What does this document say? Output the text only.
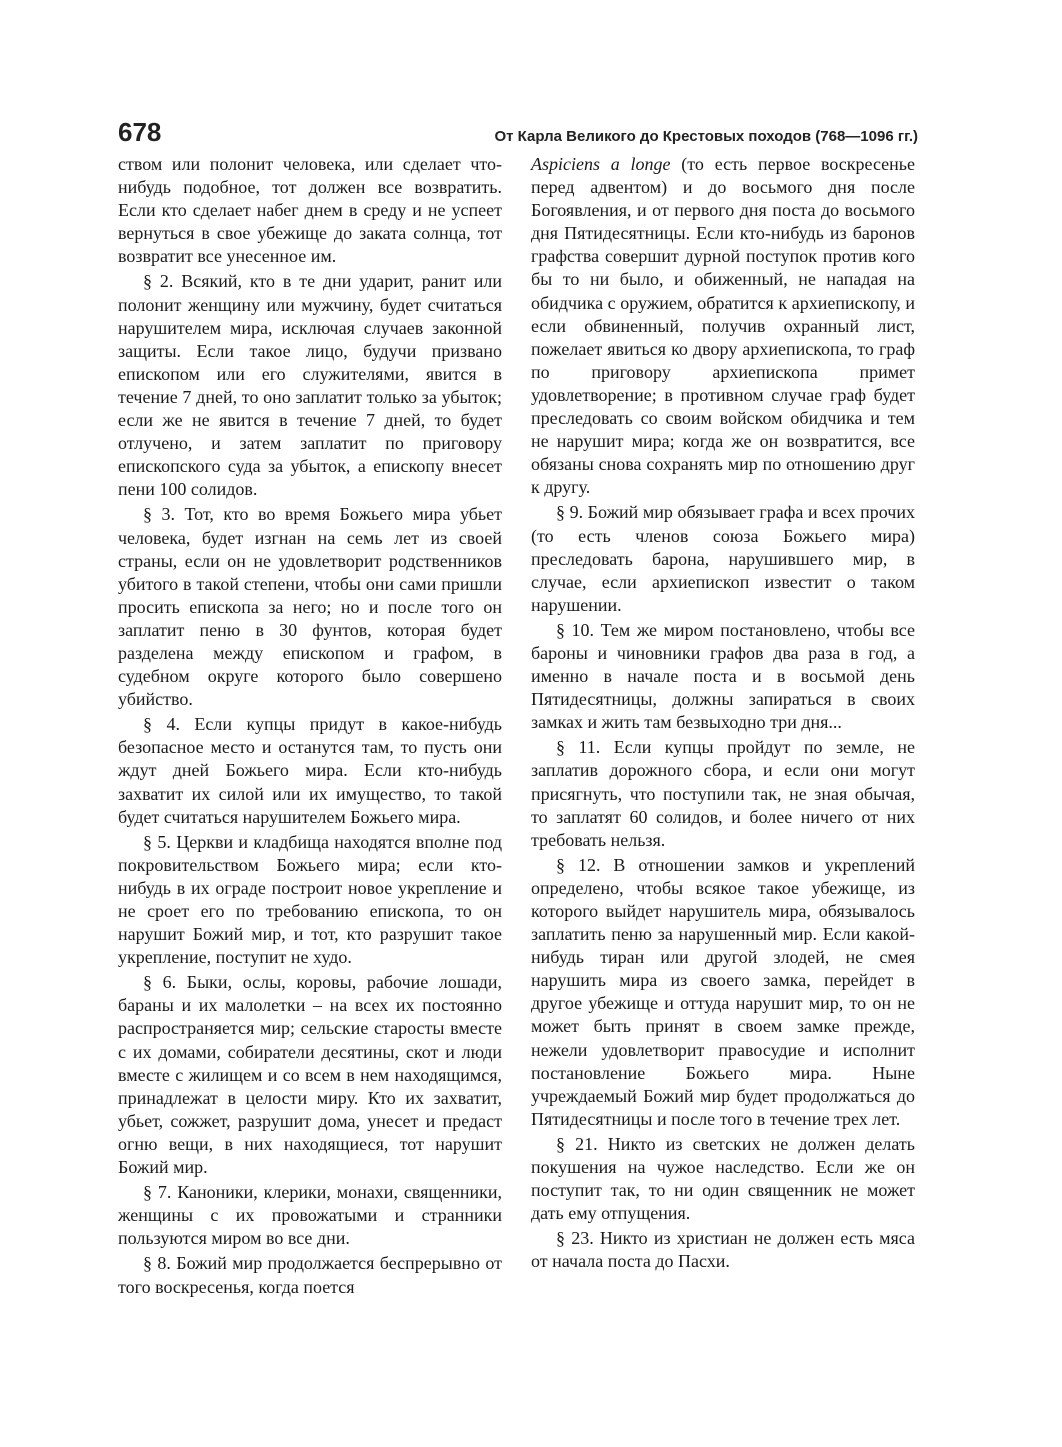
678	От Карла Великого до Крестовых походов (768—1096 гг.)

ством или полонит человека, или сделает что-нибудь подобное, тот должен все возвратить. Если кто сделает набег днем в среду и не успеет вернуться в свое убежище до заката солнца, тот возвратит все унесенное им.

§ 2. Всякий, кто в те дни ударит, ранит или полонит женщину или мужчину, будет считаться нарушителем мира, исключая случаев законной защиты. Если такое лицо, будучи призвано епископом или его служителями, явится в течение 7 дней, то оно заплатит только за убыток; если же не явится в течение 7 дней, то будет отлучено, и затем заплатит по приговору епископского суда за убыток, а епископу внесет пени 100 солидов.

§ 3. Тот, кто во время Божьего мира убьет человека, будет изгнан на семь лет из своей страны, если он не удовлетворит родственников убитого в такой степени, чтобы они сами пришли просить епископа за него; но и после того он заплатит пеню в 30 фунтов, которая будет разделена между епископом и графом, в судебном округе которого было совершено убийство.

§ 4. Если купцы придут в какое-нибудь безопасное место и останутся там, то пусть они ждут дней Божьего мира. Если кто-нибудь захватит их силой или их имущество, то такой будет считаться нарушителем Божьего мира.

§ 5. Церкви и кладбища находятся вполне под покровительством Божьего мира; если кто-нибудь в их ограде построит новое укрепление и не сроет его по требованию епископа, то он нарушит Божий мир, и тот, кто разрушит такое укрепление, поступит не худо.

§ 6. Быки, ослы, коровы, рабочие лошади, бараны и их малолетки – на всех их постоянно распространяется мир; сельские старосты вместе с их домами, собиратели десятины, скот и люди вместе с жилищем и со всем в нем находящимся, принадлежат в целости миру. Кто их захватит, убьет, сожжет, разрушит дома, унесет и предаст огню вещи, в них находящиеся, тот нарушит Божий мир.

§ 7. Каноники, клерики, монахи, священники, женщины с их провожатыми и странники пользуются миром во все дни.

§ 8. Божий мир продолжается беспрерывно от того воскресенья, когда поется

Aspiciens a longe (то есть первое воскресенье перед адвентом) и до восьмого дня после Богоявления, и от первого дня поста до восьмого дня Пятидесятницы. Если кто-нибудь из баронов графства совершит дурной поступок против кого бы то ни было, и обиженный, не нападая на обидчика с оружием, обратится к архиепископу, и если обвиненный, получив охранный лист, пожелает явиться ко двору архиепископа, то граф по приговору архиепископа примет удовлетворение; в противном случае граф будет преследовать со своим войском обидчика и тем не нарушит мира; когда же он возвратится, все обязаны снова сохранять мир по отношению друг к другу.

§ 9. Божий мир обязывает графа и всех прочих (то есть членов союза Божьего мира) преследовать барона, нарушившего мир, в случае, если архиепископ известит о таком нарушении.

§ 10. Тем же миром постановлено, чтобы все бароны и чиновники графов два раза в год, а именно в начале поста и в восьмой день Пятидесятницы, должны запираться в своих замках и жить там безвыходно три дня...

§ 11. Если купцы пройдут по земле, не заплатив дорожного сбора, и если они могут присягнуть, что поступили так, не зная обычая, то заплатят 60 солидов, и более ничего от них требовать нельзя.

§ 12. В отношении замков и укреплений определено, чтобы всякое такое убежище, из которого выйдет нарушитель мира, обязывалось заплатить пеню за нарушенный мир. Если какой-нибудь тиран или другой злодей, не смея нарушить мира из своего замка, перейдет в другое убежище и оттуда нарушит мир, то он не может быть принят в своем замке прежде, нежели удовлетворит правосудие и исполнит постановление Божьего мира. Ныне учреждаемый Божий мир будет продолжаться до Пятидесятницы и после того в течение трех лет.

§ 21. Никто из светских не должен делать покушения на чужое наследство. Если же он поступит так, то ни один священник не может дать ему отпущения.

§ 23. Никто из христиан не должен есть мяса от начала поста до Пасхи.
